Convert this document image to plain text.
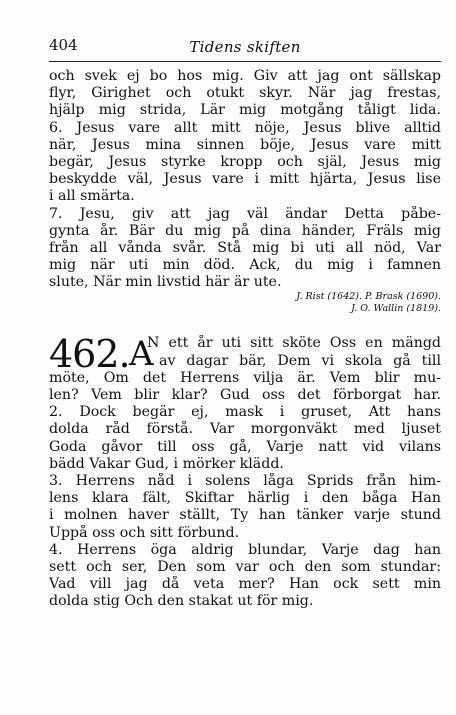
404	Tidens skiften
och svek ej bo hos mig. Giv att jag ont sällskap
flyr, Girighet och otukt skyr. När jag frestas,
hjälp mig strida, Lär mig motgång tåligt lida.
6. Jesus vare allt mitt nöje, Jesus blive alltid
när, Jesus mina sinnen böje, Jesus vare mitt
begär, Jesus styrke kropp och själ, Jesus mig
beskydde väl, Jesus vare i mitt hjärta, Jesus lise
i all smärta.
7. Jesu, giv att jag väl ändar Detta påbe-
gynta år. Bär du mig på dina händer, Fräls mig
från all vånda svår. Stå mig bi uti all nöd, Var
mig när uti min död. Ack, du mig i famnen
slute, När min livstid här är ute.
J. Rist (1642). P. Brask (1690).
J. O. Wallin (1819).
462. A
N ett år uti sitt sköte Oss en mängd
av dagar bär, Dem vi skola gå till
möte, Om det Herrens vilja är. Vem blir mu-
len? Vem blir klar? Gud oss det förborgat har.
2. Dock begär ej, mask i gruset, Att hans
dolda råd förstå. Var morgonväkt med ljuset
Goda gåvor till oss gå, Varje natt vid vilans
bädd Vakar Gud, i mörker klädd.
3. Herrens nåd i solens låga Sprids från him-
lens klara fält, Skiftar härlig i den båga Han
i molnen haver ställt, Ty han tänker varje stund
Uppå oss och sitt förbund.
4. Herrens öga aldrig blundar, Varje dag han
sett och ser, Den som var och den som stundar:
Vad vill jag då veta mer? Han ock sett min
dolda stig Och den stakat ut för mig.
